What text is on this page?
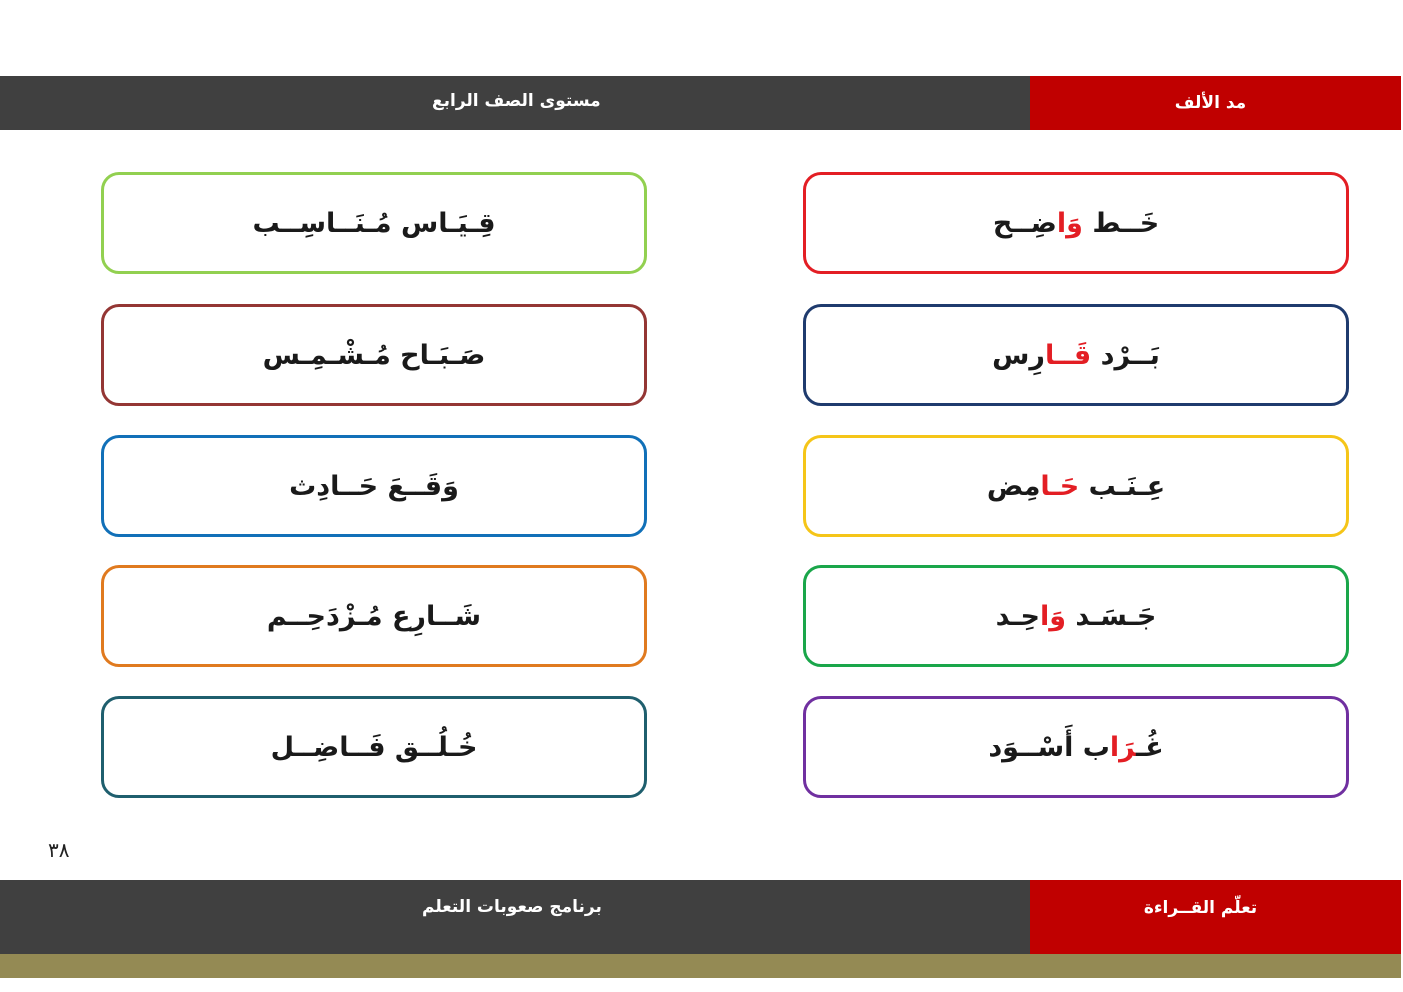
مستوى الصف الرابع	مد الألف
خَــط وَاضِــح
بَــرْد قَــارِس
عِـنَـب حَـامِض
جَـسَـد وَاحِـد
غُـرَاب أَسْــوَد
قِـيَـاس مُـنَــاسِــب
صَـبَـاح مُـشْـمِـس
وَقَــعَ حَــادِث
شَــارِع مُـزْدَحِــم
خُـلُــق فَــاضِــل
٣٨
برنامج صعوبات التعلم	تعلّم القــراءة
